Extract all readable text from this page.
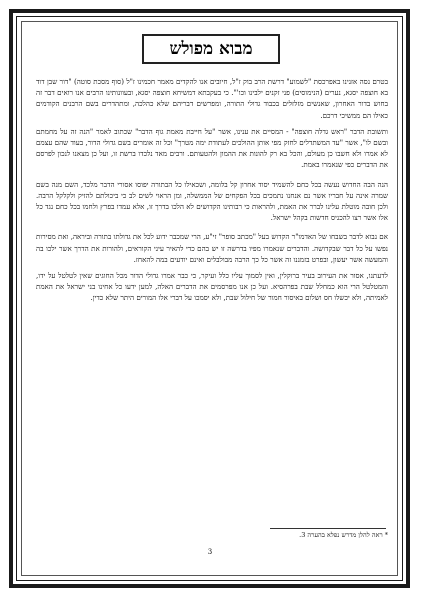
מבוא מפולש

בטרם נסה אזנינו באפרכסת "לשמוע" דרשת הרב בוק ז"ל, חיובים אנו להקדים מאמר חכמינו ז"ל (סוף מסכת סוטה) "דור שבן דוד בא חוצפה יסגא, נערים (הנימוסים) פני זקנים ילבינו וכו'". כי בעקבתא דמשיחא חוצפה יסגא, ובעוונותינו הרבים אנו רואים דבר זה בחוש בדור האחרון, שאנשים מזלזלים בכבוד גדולי התורה, ומפרשים דבריהם שלא כהלכה, ומתהדרים בשם הרבנים הקודמים כאילו הם ממשיכי דרכם.

ותשובת הדבר "ראש גדלה חוצפה" - המסיים את ענינו, אשר "על חייבת מאמת גוף הדבר" שכתוב לאמר "הנה זה על מחמתם ובשם לו", אשר "עד המשתדלים לחזק מפי אותן ההולכים לעתודת ימה מטרך" וכל זה אומרים בשם גדולי הדור, בעוד שהם עצמם לא אמרו ולא חשבו כן מעולם, והכל בא רק להונות את ההמון ולהטעותם. ורבים מאד נלכדו ברשת זו, ועל כן מצאנו לנכון לפרסם את הדברים כפי שנאמרו באמת.

הנה הבה החדוש נעשה בכל כחם להשמיד יסוד אחרון קל בלומה, ושכאילו כל הבתורה יפוסו אסורי הדבר מלכד, השם מנה בשם שמרה אינה על חבריו אשר נם אנחנו נתמכים בכל הפקחים של הממשלה, ומן הראוי לשים לב כי ביכולתם להזיק ולקלקל הרבה. ולכן חובה מוטלת עלינו לברר את האמת, ולהראות כי רבותינו הקדושים לא הלכו בדרך זו, אלא עמדו בפרץ ולחמו בכל כחם נגד כל אלו אשר רצו להכניס חדשות בקהל ישראל.

אם נבוא לדבר בשבחו של האדמו"ר הקדוש בעל "מכתב סופר" זי"ע, הרי שמכבר ידוע לכל את גדולתו בתורה וביראה, ואת מסירות נפשו על כל דבר שבקדושה. והדברים שנאמרו מפיו בדרשה זו יש בהם כדי להאיר עיני הקוראים, ולהורות את הדרך אשר ילכו בה והמעשה אשר יעשון, ובפרט בזמננו זה אשר כל כך הרבה מבולבלים ואינם יודעים במה להאחז.

לדעתנו, אסור את העירוב בעיר ברוקלין, ואין לסמוך עליו כלל ועיקר, כי כבר אמרו גדולי הדור מכל החוגים שאין לטלטל על ידו, והמטלטל הרי הוא כמחלל שבת בפרהסיא. ועל כן אנו מפרסמים את הדברים האלה, למען ידעו כל אחינו בני ישראל את האמת לאמיתה, ולא יכשלו חס ושלום באיסור חמור של חילול שבת, ולא יסמכו על דברי אלו המורים היתר שלא כדין.

* ראה להלן מדרש נפלא בהערה 3.
3
